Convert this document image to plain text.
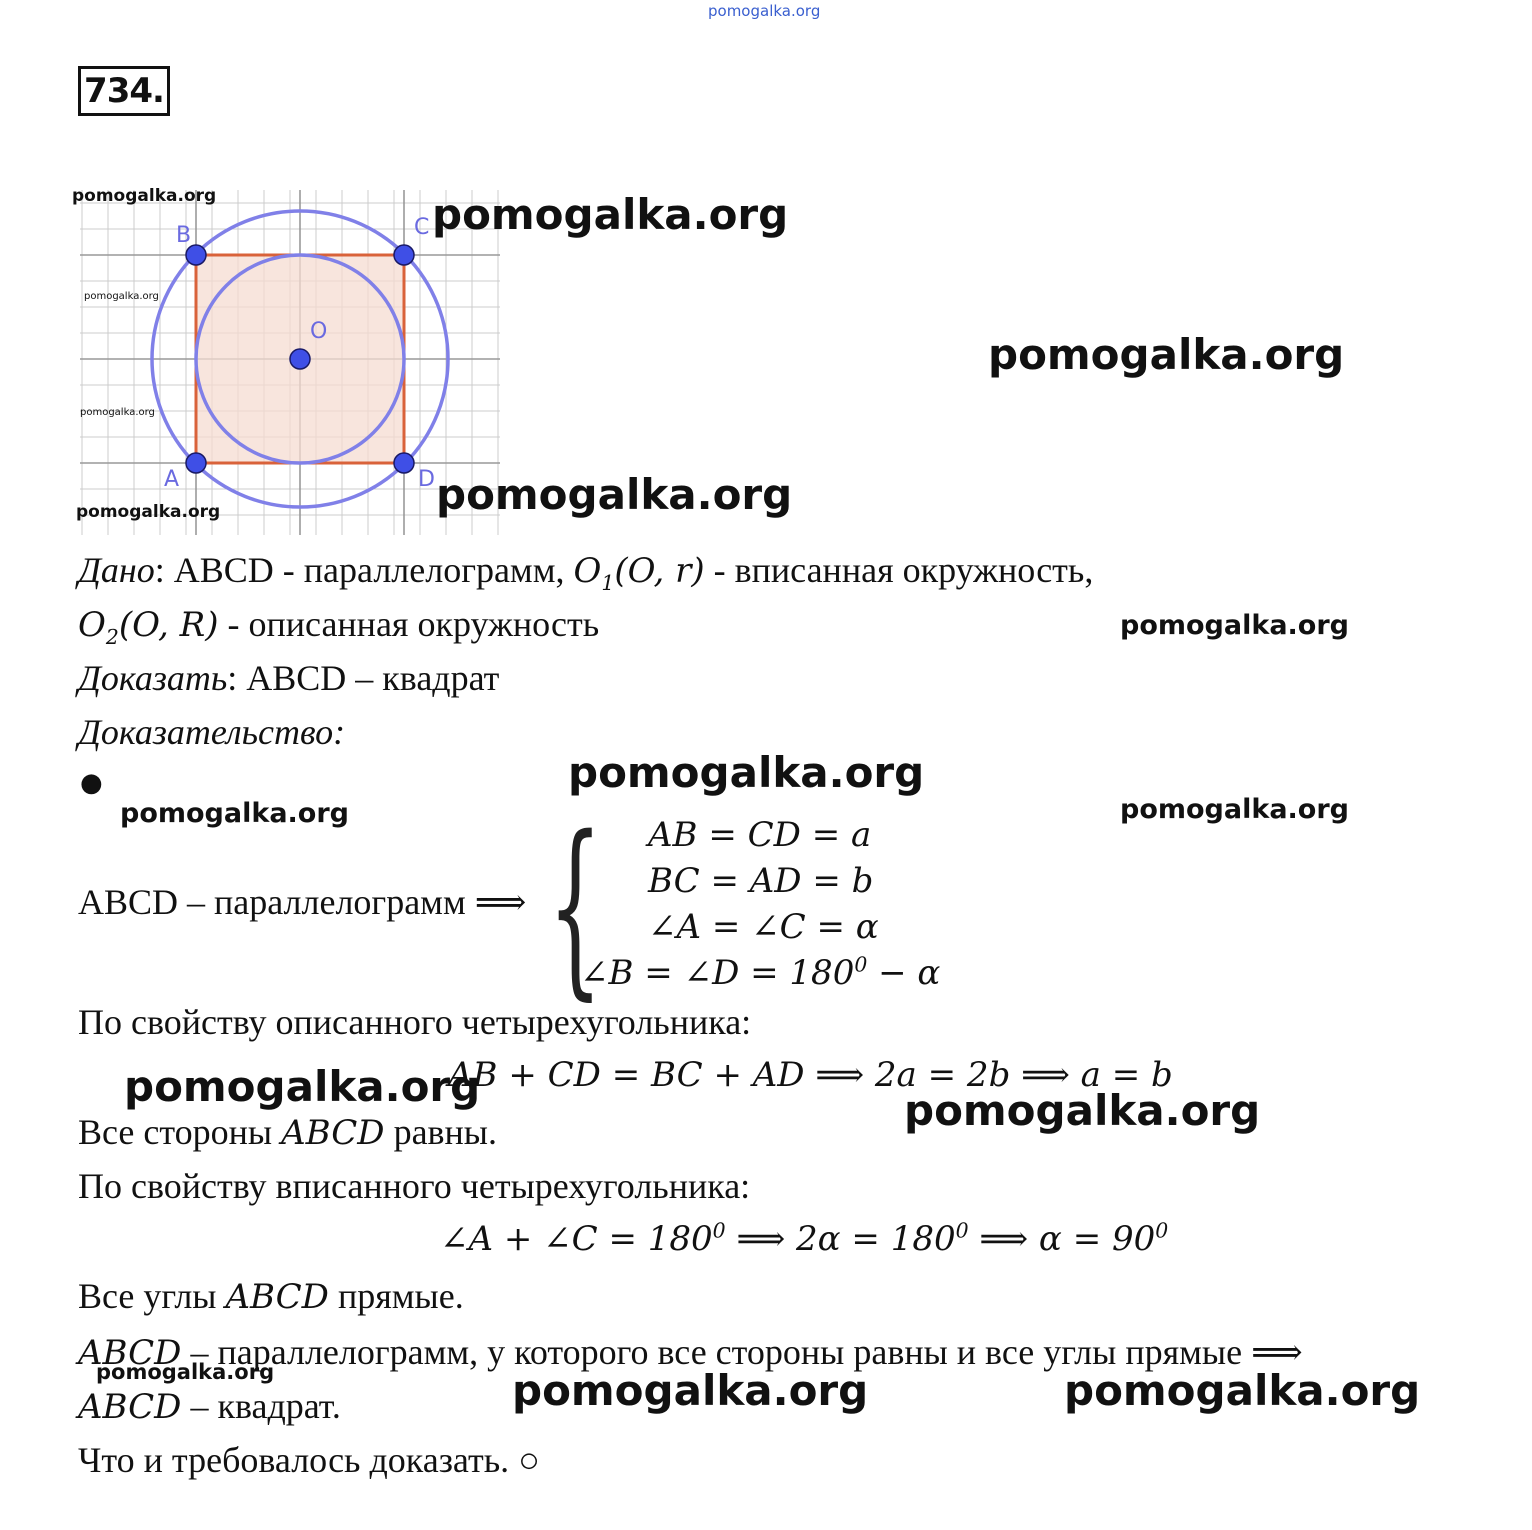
pomogalka.org
734.
B	C
A	D
O
pomogalka.org
pomogalka.org
pomogalka.org
pomogalka.org
pomogalka.org
pomogalka.org
pomogalka.org
Дано: ABCD - параллелограмм, $O_1(O$, r) - вписанная окружность,
$O_2(O$, R) - описанная окружность	pomogalka.org
Доказать: ABCD – квадрат
Доказательство:
●	pomogalka.org
pomogalka.org	pomogalka.org
ABCD – параллелограмм ⟹ { AB = CD = a
BC = AD = b
∠A = ∠C = α
∠B = ∠D = $180^0 - \alpha$
По свойству описанного четырехугольника:
AB + CD = BC + AD ⟹ 2a = 2b ⟹ a = b
pomogalka.org	pomogalka.org
Все стороны ABCD равны.
По свойству вписанного четырехугольника:
∠A + ∠C = $180^0$ ⟹ $2\alpha = 180^0$ ⟹ $\alpha = 90^0$
Все углы ABCD прямые.
ABCD – параллелограмм, у которого все стороны равны и все углы прямые ⟹
pomogalka.org
ABCD – квадрат.	pomogalka.org	pomogalka.org
Что и требовалось доказать. ○
